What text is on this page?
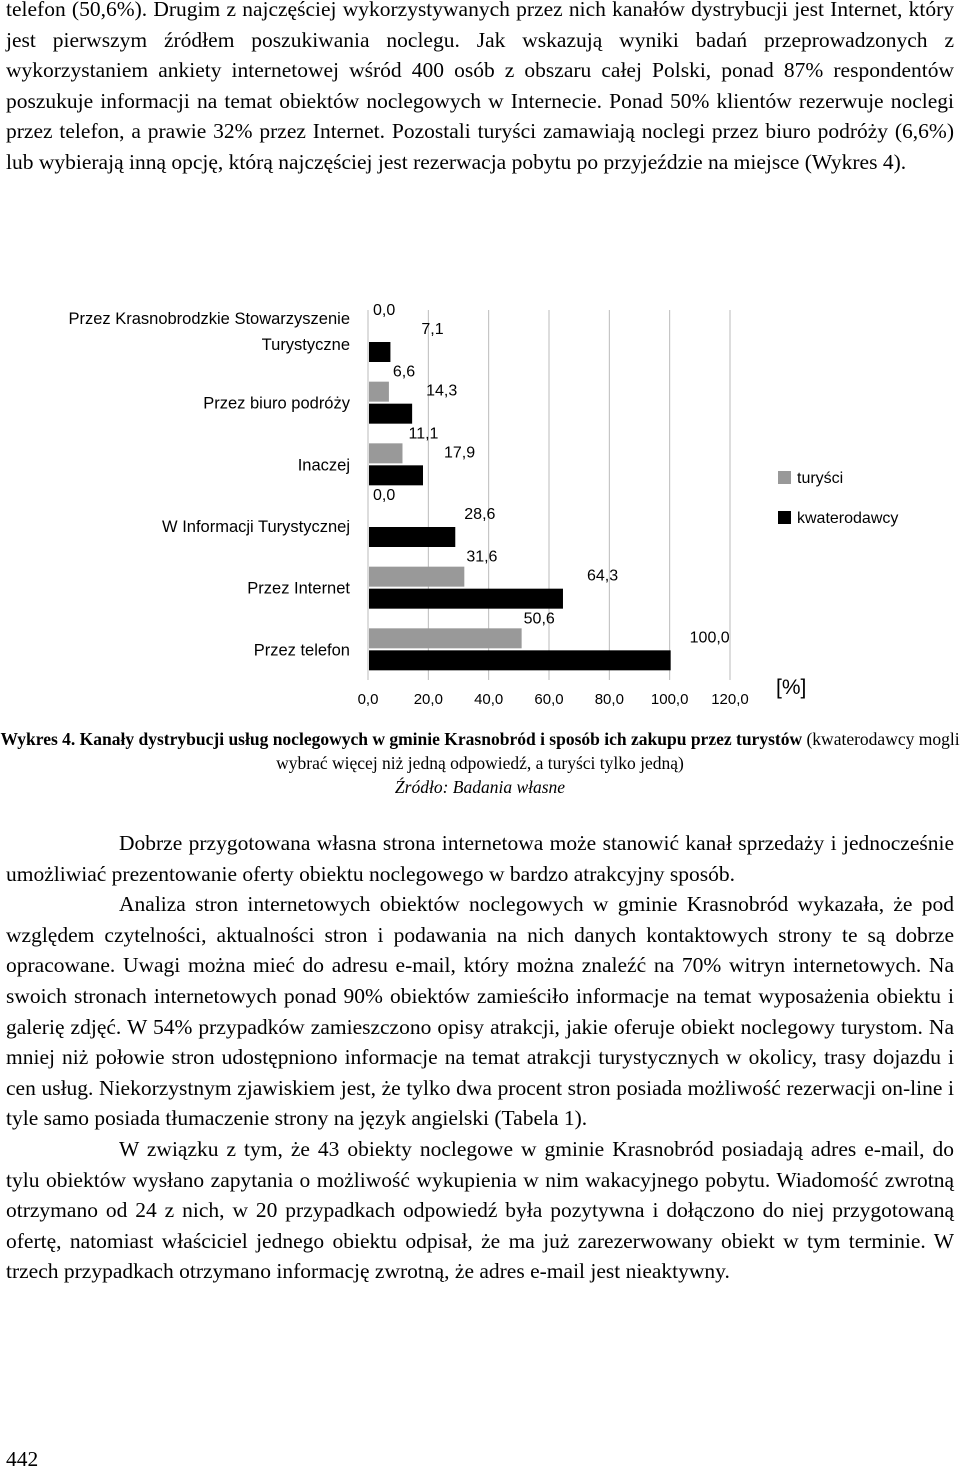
telefon (50,6%). Drugim z najczęściej wykorzystywanych przez nich kanałów dystrybucji jest Internet, który jest pierwszym źródłem poszukiwania noclegu. Jak wskazują wyniki badań przeprowadzonych z wykorzystaniem ankiety internetowej wśród 400 osób z obszaru całej Polski, ponad 87% respondentów poszukuje informacji na temat obiektów noclegowych w Internecie. Ponad 50% klientów rezerwuje noclegi przez telefon, a prawie 32% przez Internet. Pozostali turyści zamawiają noclegi przez biuro podróży (6,6%) lub wybierają inną opcję, którą najczęściej jest rezerwacja pobytu po przyjeździe na miejsce (Wykres 4).
0,0
7,1
6,6
14,3
11,1
17,9
0,0
28,6
31,6
64,3
50,6
100,0
Przez Krasnobrodzkie Stowarzyszenie
Turystyczne
Przez biuro podróży
Inaczej
W Informacji Turystycznej
Przez Internet
Przez telefon
0,0 20,0 40,0 60,0 80,0 100,0 120,0
turyści
kwaterodawcy
[%]
Wykres 4. Kanały dystrybucji usług noclegowych w gminie Krasnobród i sposób ich zakupu przez turystów (kwaterodawcy mogli wybrać więcej niż jedną odpowiedź, a turyści tylko jedną)
Źródło: Badania własne

Dobrze przygotowana własna strona internetowa może stanowić kanał sprzedaży i jednocześnie umożliwiać prezentowanie oferty obiektu noclegowego w bardzo atrakcyjny sposób.

Analiza stron internetowych obiektów noclegowych w gminie Krasnobród wykazała, że pod względem czytelności, aktualności stron i podawania na nich danych kontaktowych strony te są dobrze opracowane. Uwagi można mieć do adresu e-mail, który można znaleźć na 70% witryn internetowych. Na swoich stronach internetowych ponad 90% obiektów zamieściło informacje na temat wyposażenia obiektu i galerię zdjęć. W 54% przypadków zamieszczono opisy atrakcji, jakie oferuje obiekt noclegowy turystom. Na mniej niż połowie stron udostępniono informacje na temat atrakcji turystycznych w okolicy, trasy dojazdu i cen usług. Niekorzystnym zjawiskiem jest, że tylko dwa procent stron posiada możliwość rezerwacji on-line i tyle samo posiada tłumaczenie strony na język angielski (Tabela 1).

W związku z tym, że 43 obiekty noclegowe w gminie Krasnobród posiadają adres e-mail, do tylu obiektów wysłano zapytania o możliwość wykupienia w nim wakacyjnego pobytu. Wiadomość zwrotną otrzymano od 24 z nich, w 20 przypadkach odpowiedź była pozytywna i dołączono do niej przygotowaną ofertę, natomiast właściciel jednego obiektu odpisał, że ma już zarezerwowany obiekt w tym terminie. W trzech przypadkach otrzymano informację zwrotną, że adres e-mail jest nieaktywny.

442
